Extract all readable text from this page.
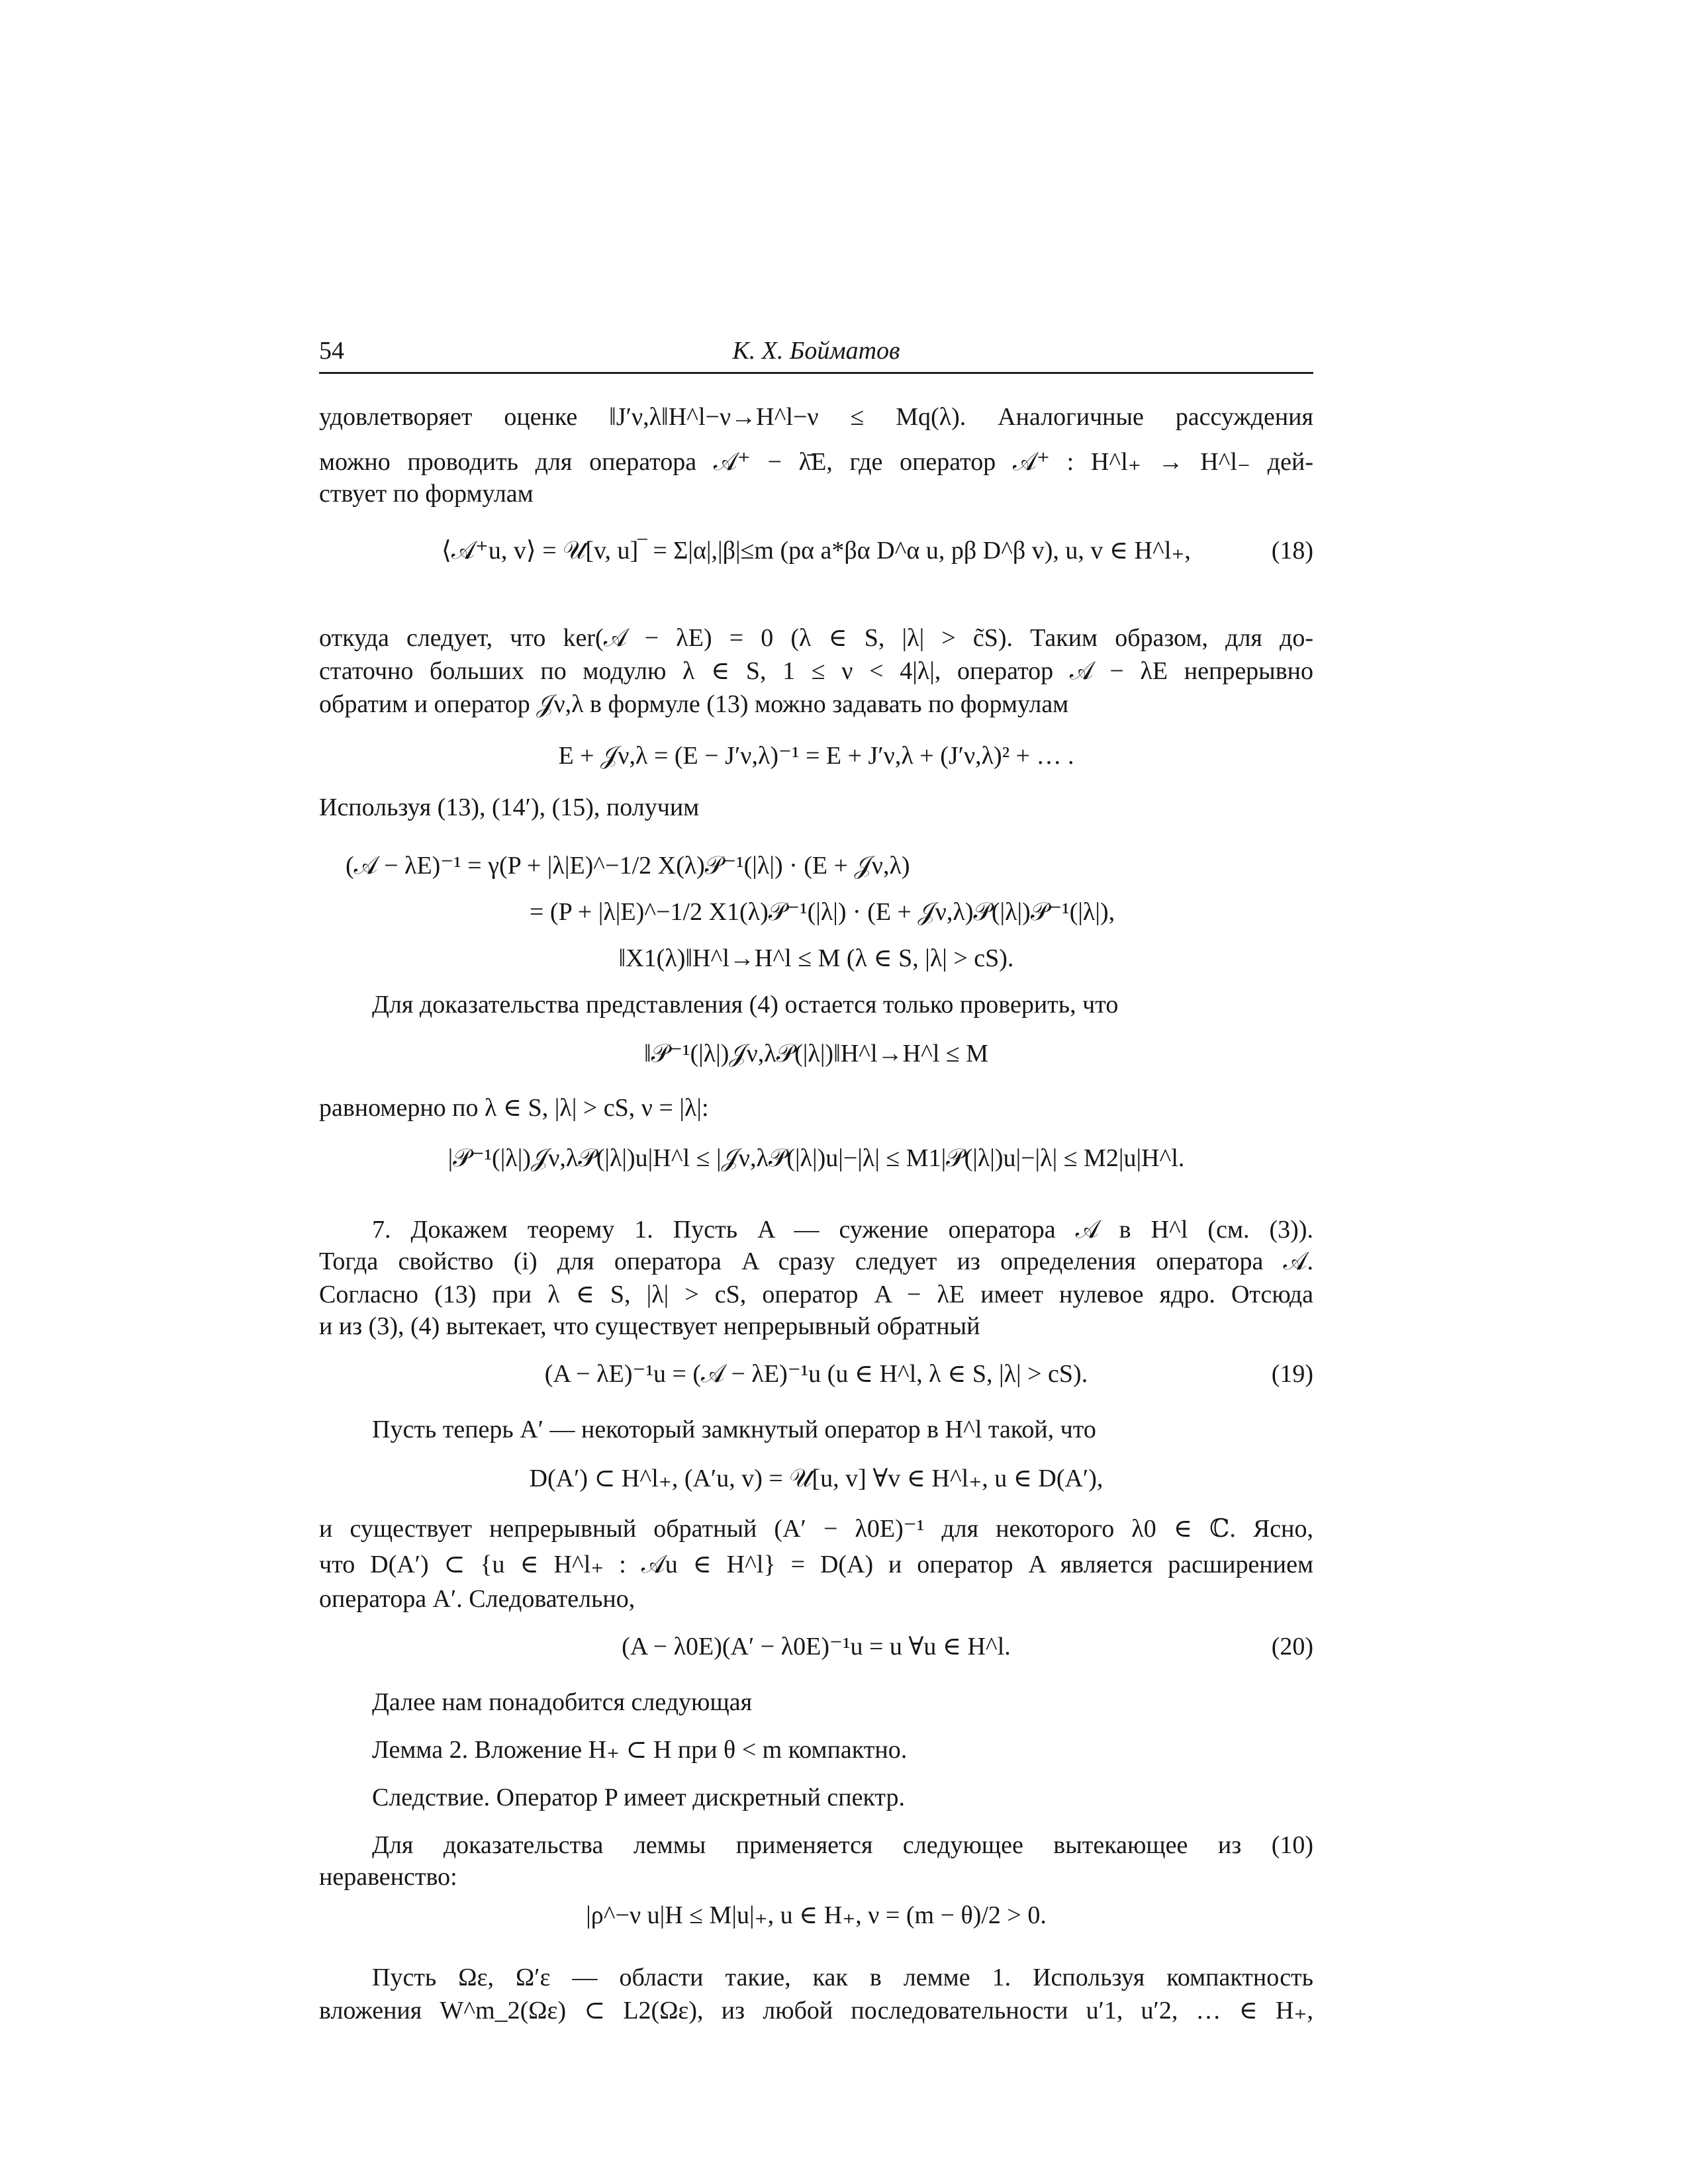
54	К. Х. Бойматов
удовлетворяет оценке ‖J′ν,λ‖H^l−ν→H^l−ν ≤ Mq(λ). Аналогичные рассуждения
можно проводить для оператора 𝒜⁺ − λ̄E, где оператор 𝒜⁺ : H^l₊ → H^l₋ дей-
ствует по формулам
⟨𝒜⁺u, v⟩ = 𝒰[v, u]‾ = Σ|α|,|β|≤m (pα a*βα D^α u, pβ D^β v), u, v ∈ H^l₊,	(18)
откуда следует, что ker(𝒜 − λE) = 0 (λ ∈ S, |λ| > c̃S). Таким образом, для до-
статочно больших по модулю λ ∈ S, 1 ≤ ν < 4|λ|, оператор 𝒜 − λE непрерывно
обратим и оператор 𝒥ν,λ в формуле (13) можно задавать по формулам
E + 𝒥ν,λ = (E − J′ν,λ)⁻¹ = E + J′ν,λ + (J′ν,λ)² + … .
Используя (13), (14′), (15), получим
(𝒜 − λE)⁻¹ = γ(P + |λ|E)^−1/2 X(λ)𝒫⁻¹(|λ|) · (E + 𝒥ν,λ)
= (P + |λ|E)^−1/2 X1(λ)𝒫⁻¹(|λ|) · (E + 𝒥ν,λ)𝒫(|λ|)𝒫⁻¹(|λ|),
‖X1(λ)‖H^l→H^l ≤ M (λ ∈ S, |λ| > cS).
Для доказательства представления (4) остается только проверить, что
‖𝒫⁻¹(|λ|)𝒥ν,λ𝒫(|λ|)‖H^l→H^l ≤ M
равномерно по λ ∈ S, |λ| > cS, ν = |λ|:
|𝒫⁻¹(|λ|)𝒥ν,λ𝒫(|λ|)u|H^l ≤ |𝒥ν,λ𝒫(|λ|)u|−|λ| ≤ M1|𝒫(|λ|)u|−|λ| ≤ M2|u|H^l.
7. Докажем теорему 1. Пусть A — сужение оператора 𝒜 в H^l (см. (3)).
Тогда свойство (i) для оператора A сразу следует из определения оператора 𝒜.
Согласно (13) при λ ∈ S, |λ| > cS, оператор A − λE имеет нулевое ядро. Отсюда
и из (3), (4) вытекает, что существует непрерывный обратный
(A − λE)⁻¹u = (𝒜 − λE)⁻¹u (u ∈ H^l, λ ∈ S, |λ| > cS).	(19)
Пусть теперь A′ — некоторый замкнутый оператор в H^l такой, что
D(A′) ⊂ H^l₊, (A′u, v) = 𝒰[u, v] ∀v ∈ H^l₊, u ∈ D(A′),
и существует непрерывный обратный (A′ − λ0E)⁻¹ для некоторого λ0 ∈ ℂ. Ясно,
что D(A′) ⊂ {u ∈ H^l₊ : 𝒜u ∈ H^l} = D(A) и оператор A является расширением
оператора A′. Следовательно,
(A − λ0E)(A′ − λ0E)⁻¹u = u ∀u ∈ H^l.	(20)
Далее нам понадобится следующая
Лемма 2. Вложение H₊ ⊂ H при θ < m компактно.
Следствие. Оператор P имеет дискретный спектр.
Для доказательства леммы применяется следующее вытекающее из (10)
неравенство:
|ρ^−ν u|H ≤ M|u|₊, u ∈ H₊, ν = (m − θ)/2 > 0.
Пусть Ωε, Ω′ε — области такие, как в лемме 1. Используя компактность
вложения W^m_2(Ωε) ⊂ L2(Ωε), из любой последовательности u′1, u′2, … ∈ H₊,
